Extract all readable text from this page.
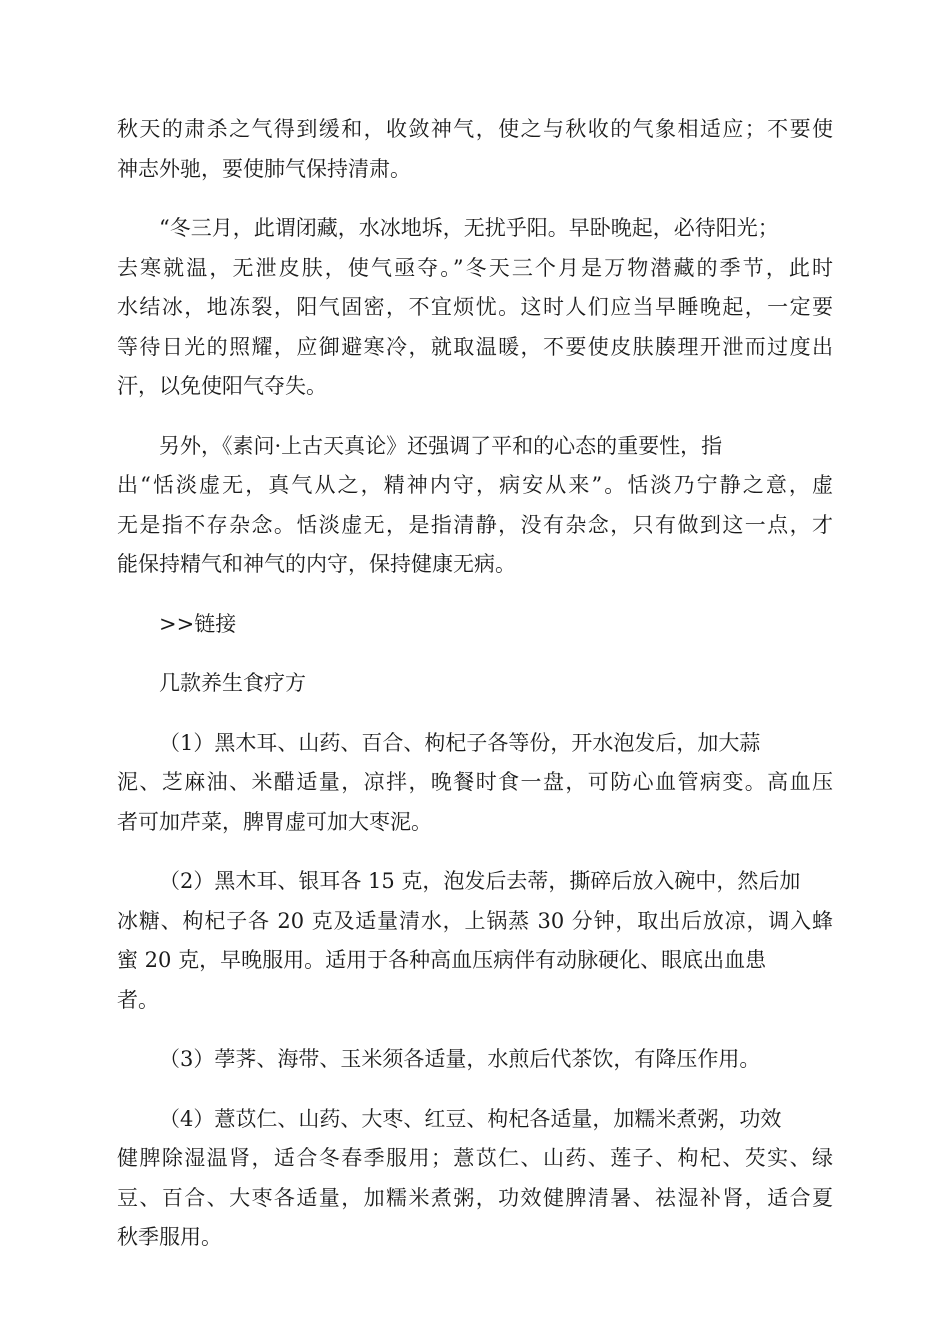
秋天的肃杀之气得到缓和，收敛神气，使之与秋收的气象相适应；不要使
神志外驰，要使肺气保持清肃。
“冬三月，此谓闭藏，水冰地坼，无扰乎阳。早卧晚起，必待阳光；
去寒就温，无泄皮肤，使气亟夺。”冬天三个月是万物潜藏的季节，此时
水结冰，地冻裂，阳气固密，不宜烦忧。这时人们应当早睡晚起，一定要
等待日光的照耀，应御避寒冷，就取温暖，不要使皮肤腠理开泄而过度出
汗，以免使阳气夺失。
另外，《素问·上古天真论》还强调了平和的心态的重要性，指
出“恬淡虚无，真气从之，精神内守，病安从来”。恬淡乃宁静之意，虚
无是指不存杂念。恬淡虚无，是指清静，没有杂念，只有做到这一点，才
能保持精气和神气的内守，保持健康无病。
>>链接
几款养生食疗方
（1）黑木耳、山药、百合、枸杞子各等份，开水泡发后，加大蒜
泥、芝麻油、米醋适量，凉拌，晚餐时食一盘，可防心血管病变。高血压
者可加芹菜，脾胃虚可加大枣泥。
（2）黑木耳、银耳各 15 克，泡发后去蒂，撕碎后放入碗中，然后加
冰糖、枸杞子各 20 克及适量清水，上锅蒸 30 分钟，取出后放凉，调入蜂
蜜 20 克，早晚服用。适用于各种高血压病伴有动脉硬化、眼底出血患
者。
（3）荸荠、海带、玉米须各适量，水煎后代茶饮，有降压作用。
（4）薏苡仁、山药、大枣、红豆、枸杞各适量，加糯米煮粥，功效
健脾除湿温肾，适合冬春季服用；薏苡仁、山药、莲子、枸杞、芡实、绿
豆、百合、大枣各适量，加糯米煮粥，功效健脾清暑、祛湿补肾，适合夏
秋季服用。
